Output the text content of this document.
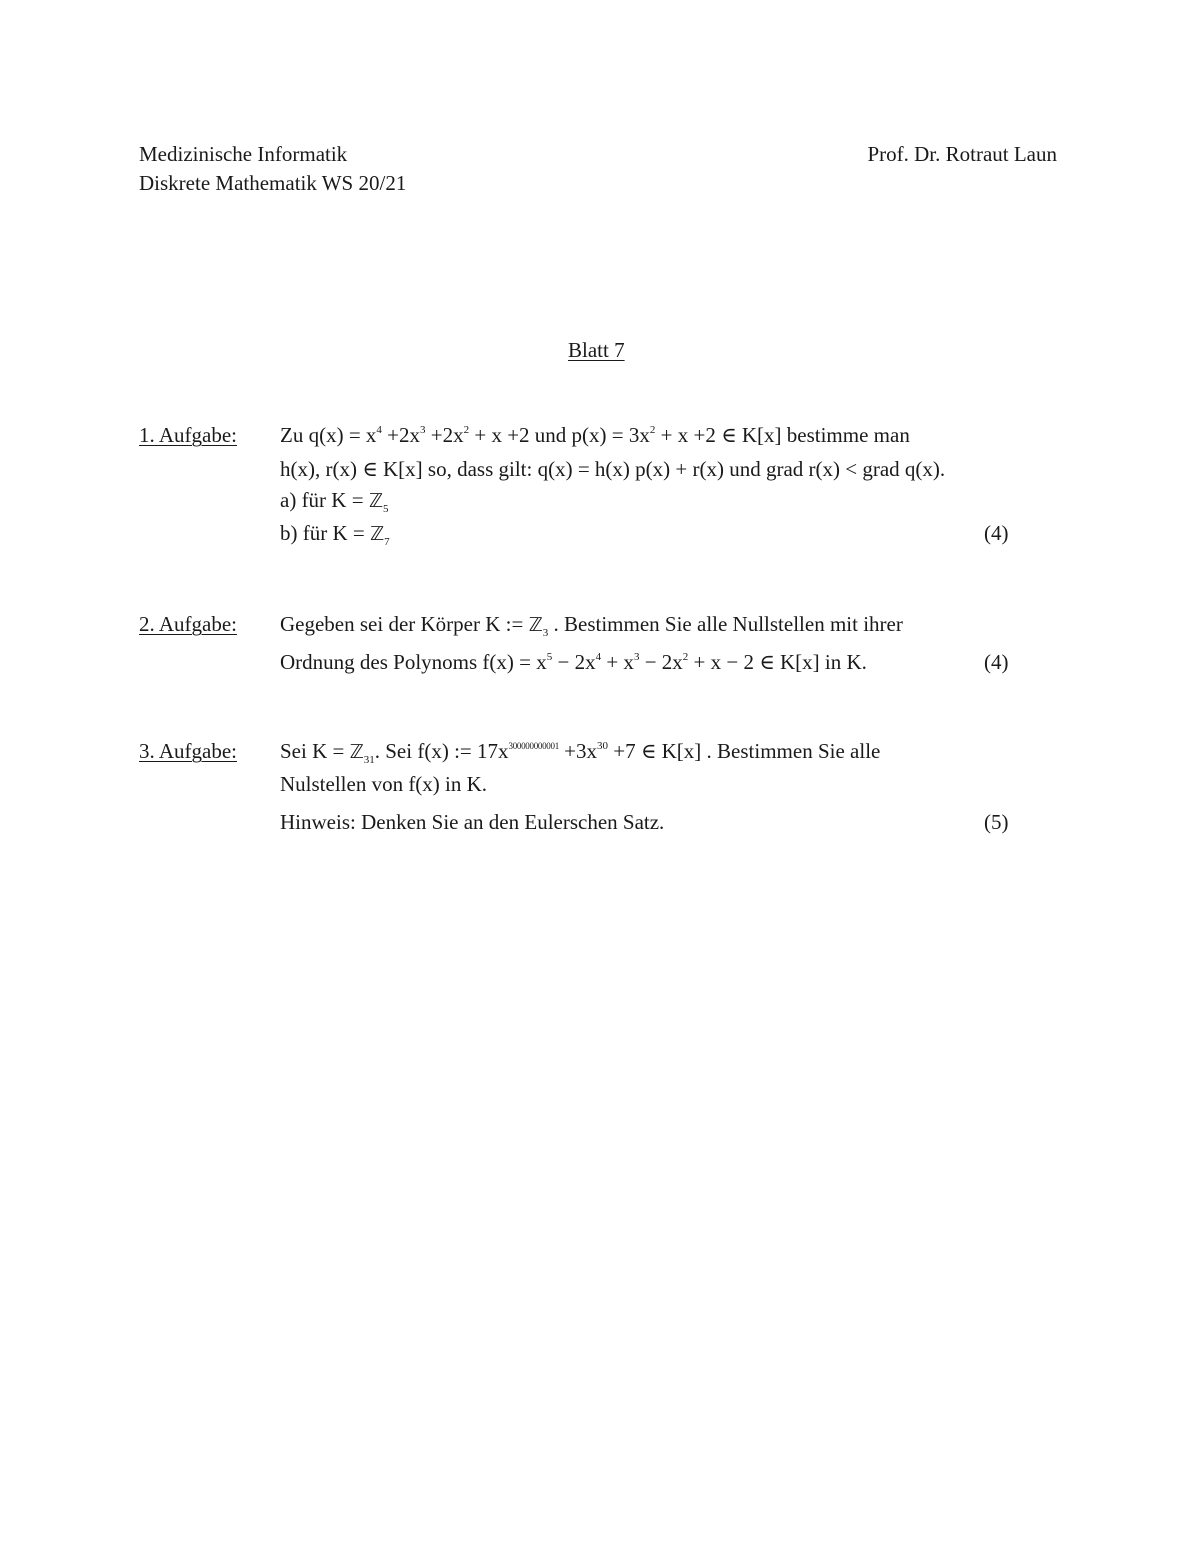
Medizinische Informatik
Diskrete Mathematik WS 20/21
Prof. Dr. Rotraut Laun
Blatt 7
1. Aufgabe: Zu $q(x) = x^4 +2x^3 +2x^2 + x +2$ und $p(x) = 3x^2 + x +2$ ∈ K[x] bestimme man
h(x), r(x) ∈ K[x] so, dass gilt: q(x) = h(x) p(x) + r(x) und grad r(x) < grad q(x).
a) für K = ℤ$_5$
b) für K = ℤ$_7$	(4)
2. Aufgabe: Gegeben sei der Körper K := ℤ$_3$ . Bestimmen Sie alle Nullstellen mit ihrer
Ordnung des Polynoms $f(x) = x^5 - 2x^4 + x^3 - 2x^2 + x - 2$ ∈ K[x] in K.	(4)
3. Aufgabe: Sei K = ℤ$_{31}$. Sei f(x) := $17x^{300000000001} +3x^{30} +7$ ∈ K[x] . Bestimmen Sie alle
Nulstellen von f(x) in K.
Hinweis: Denken Sie an den Eulerschen Satz.	(5)
